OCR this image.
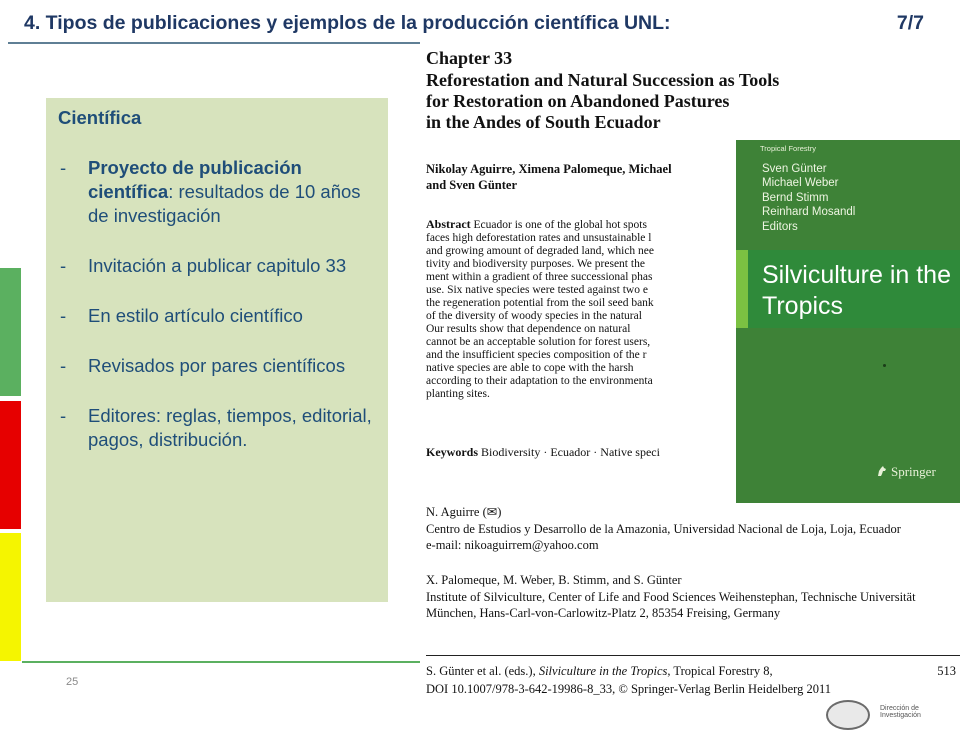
4. Tipos de publicaciones y ejemplos de la producción científica UNL:	7/7
25
Científica
- Proyecto de publicación científica: resultados de 10 años de investigación
- Invitación a publicar capitulo 33
- En estilo artículo científico
- Revisados por pares científicos
- Editores: reglas, tiempos, editorial, pagos, distribución.
Chapter 33
Reforestation and Natural Succession as Tools
for Restoration on Abandoned Pastures
in the Andes of South Ecuador
Nikolay Aguirre, Ximena Palomeque, Michael
and Sven Günter
Abstract Ecuador is one of the global hot spots
faces high deforestation rates and unsustainable l
and growing amount of degraded land, which nee
tivity and biodiversity purposes. We present the
ment within a gradient of three successional phas
use. Six native species were tested against two e
the regeneration potential from the soil seed bank
of the diversity of woody species in the natural
Our results show that dependence on natural
cannot be an acceptable solution for forest users,
and the insufficient species composition of the r
native species are able to cope with the harsh
according to their adaptation to the environmenta
planting sites.
Keywords Biodiversity · Ecuador · Native speci
N. Aguirre (✉)
Centro de Estudios y Desarrollo de la Amazonia, Universidad Nacional de Loja, Loja, Ecuador
e-mail: nikoaguirrem@yahoo.com
X. Palomeque, M. Weber, B. Stimm, and S. Günter
Institute of Silviculture, Center of Life and Food Sciences Weihenstephan, Technische Universität
München, Hans-Carl-von-Carlowitz-Platz 2, 85354 Freising, Germany
S. Günter et al. (eds.), Silviculture in the Tropics, Tropical Forestry 8,
DOI 10.1007/978-3-642-19986-8_33, © Springer-Verlag Berlin Heidelberg 2011
513
Tropical Forestry
Sven Günter
Michael Weber
Bernd Stimm
Reinhard Mosandl
Editors
Silviculture in the
Tropics
Springer
Dirección de Investigación
